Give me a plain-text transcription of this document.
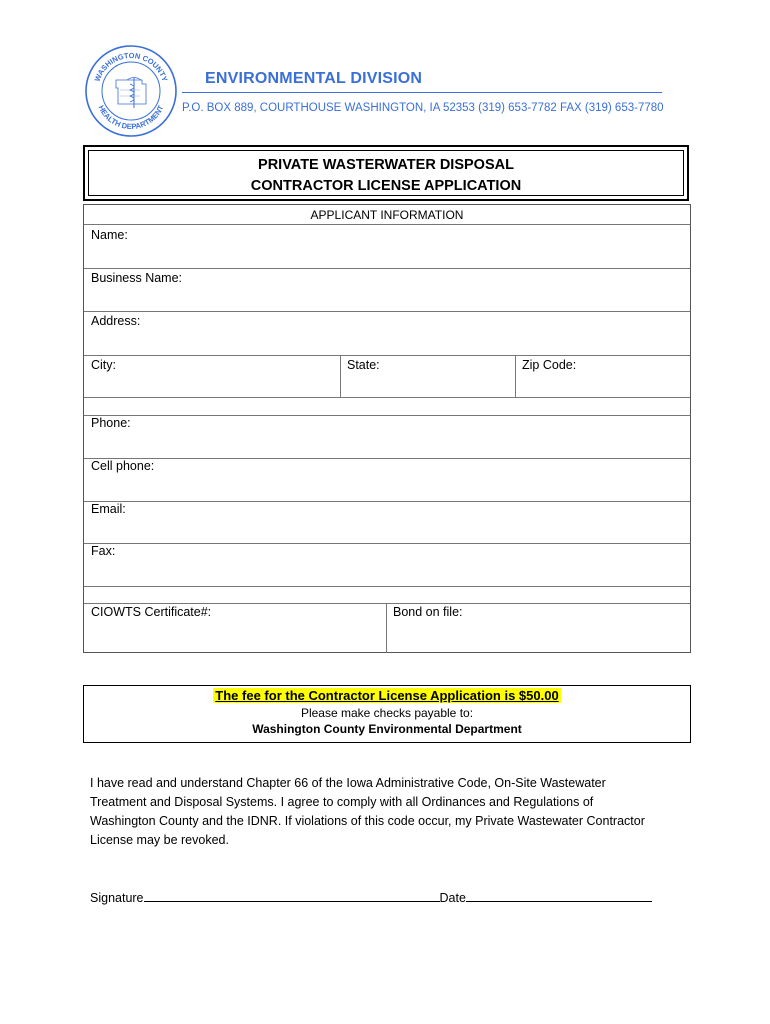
WASHINGTON COUNTY
HEALTH DEPARTMENT
ENVIRONMENTAL DIVISION
P.O. BOX 889, COURTHOUSE WASHINGTON, IA 52353 (319) 653-7782 FAX (319) 653-7780
PRIVATE WASTERWATER DISPOSAL
CONTRACTOR LICENSE APPLICATION
APPLICANT INFORMATION
Name:
Business Name:
Address:
City:	State:	Zip Code:
Phone:
Cell phone:
Email:
Fax:
CIOWTS Certificate#:	Bond on file:
The fee for the Contractor License Application is $50.00
Please make checks payable to:
Washington County Environmental Department
I have read and understand Chapter 66 of the Iowa Administrative Code, On-Site Wastewater Treatment and Disposal Systems. I agree to comply with all Ordinances and Regulations of Washington County and the IDNR. If violations of this code occur, my Private Wastewater Contractor License may be revoked.
Signature	Date
